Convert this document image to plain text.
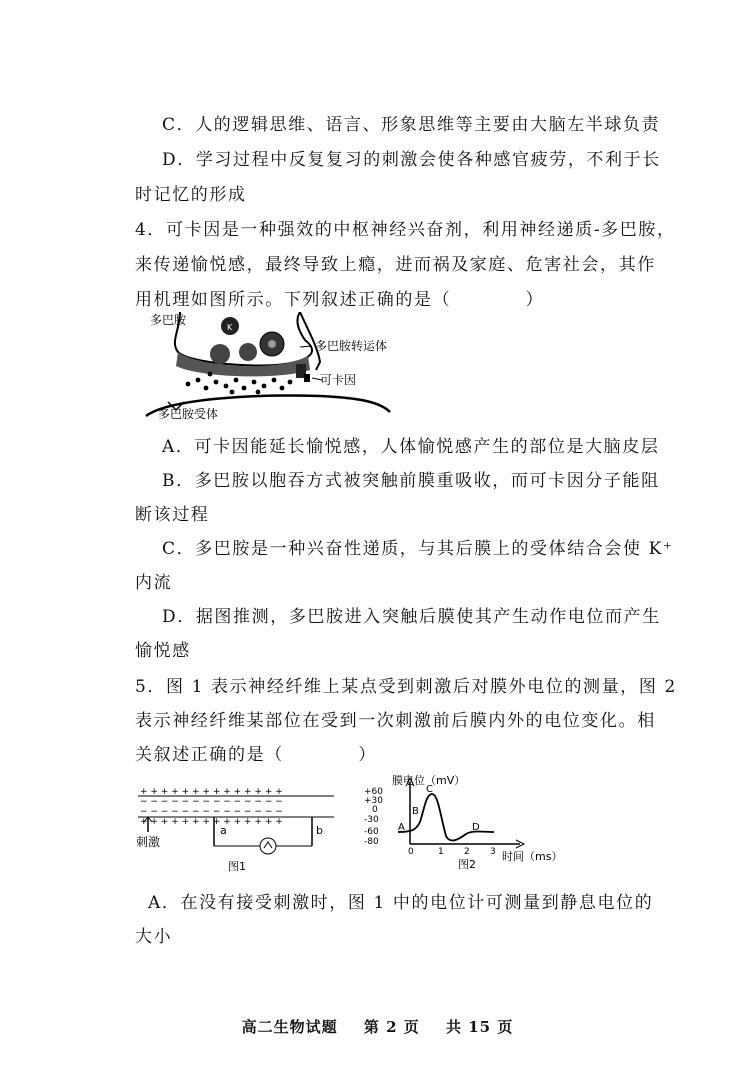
C．人的逻辑思维、语言、形象思维等主要由大脑左半球负责
D．学习过程中反复复习的刺激会使各种感官疲劳，不利于长
时记忆的形成
4．可卡因是一种强效的中枢神经兴奋剂，利用神经递质-多巴胺，
来传递愉悦感，最终导致上瘾，进而祸及家庭、危害社会，其作
用机理如图所示。下列叙述正确的是（　　　　）
K
多巴胺
多巴胺转运体
可卡因
多巴胺受体
A．可卡因能延长愉悦感，人体愉悦感产生的部位是大脑皮层
B．多巴胺以胞吞方式被突触前膜重吸收，而可卡因分子能阻
断该过程
C．多巴胺是一种兴奋性递质，与其后膜上的受体结合会使 K⁺
内流
D．据图推测，多巴胺进入突触后膜使其产生动作电位而产生
愉悦感
5．图 1 表示神经纤维上某点受到刺激后对膜外电位的测量，图 2
表示神经纤维某部位在受到一次刺激前后膜内外的电位变化。相
关叙述正确的是（　　　　）
+ + + + + + + + + + + + + +
− − − − − − − − − − − − − −
− − − − − − − − − − − − − −
+ + + + + + + + + + + + + +
a	b
刺激
图1
膜电位（mV）
+60
+30
0
-30
-60
-80
0	1 2 3
A
B
C
D
时间（ms）
图2
A．在没有接受刺激时，图 1 中的电位计可测量到静息电位的
大小
高二生物试题 第 2 页 共 15 页
